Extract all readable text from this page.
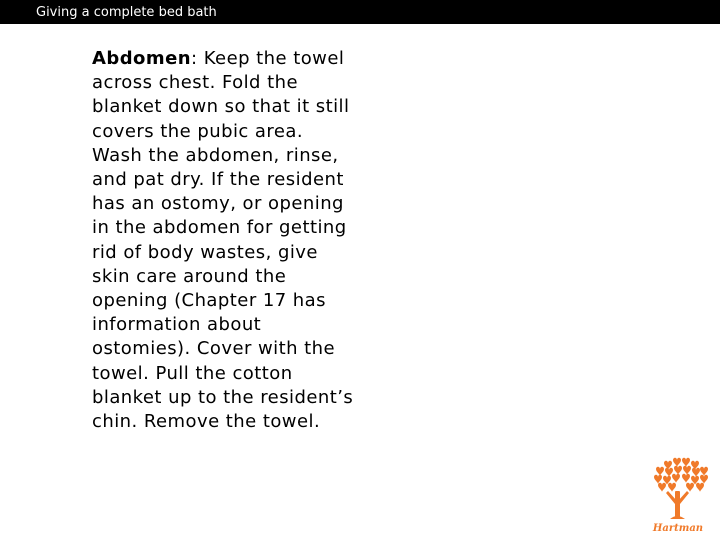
Giving a complete bed bath

Abdomen: Keep the towel across chest. Fold the blanket down so that it still covers the pubic area. Wash the abdomen, rinse, and pat dry. If the resident has an ostomy, or opening in the abdomen for getting rid of body wastes, give skin care around the opening (Chapter 17 has information about ostomies). Cover with the towel. Pull the cotton blanket up to the resident’s chin. Remove the towel.

Hartman
